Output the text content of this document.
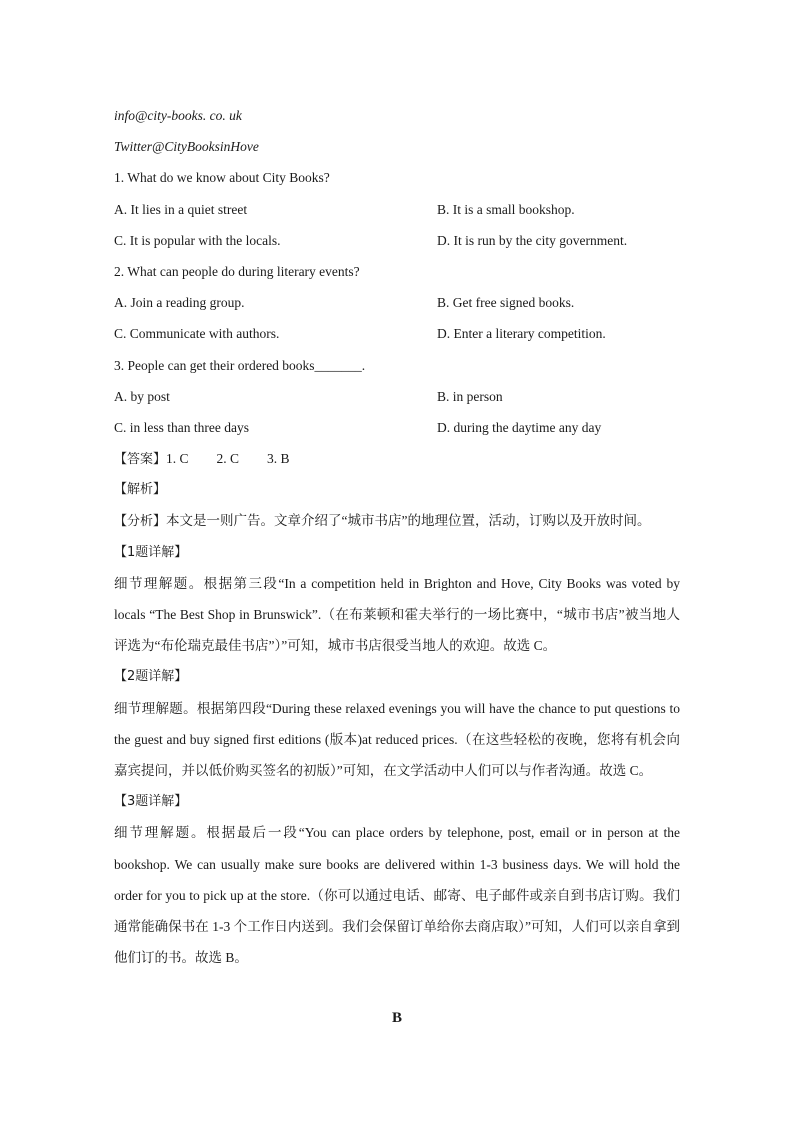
info@city-books. co. uk
Twitter@CityBooksinHove
1. What do we know about City Books?
A. It lies in a quiet street	B. It is a small bookshop.
C. It is popular with the locals.	D. It is run by the city government.
2. What can people do during literary events?
A. Join a reading group.	B. Get free signed books.
C. Communicate with authors.	D. Enter a literary competition.
3. People can get their ordered books_______.
A. by post	B. in person
C. in less than three days	D. during the daytime any day
【答案】1. C 2. C 3. B
【解析】
【分析】本文是一则广告。文章介绍了“城市书店”的地理位置，活动，订购以及开放时间。
【1题详解】
细节理解题。根据第三段“In a competition held in Brighton and Hove, City Books was voted by locals “The Best Shop in Brunswick”.（在布莱顿和霍夫举行的一场比赛中，“城市书店”被当地人评选为“布伦瑞克最佳书店”）”可知，城市书店很受当地人的欢迎。故选 C。
【2题详解】
细节理解题。根据第四段“During these relaxed evenings you will have the chance to put questions to the guest and buy signed first editions (版本)at reduced prices.（在这些轻松的夜晚，您将有机会向嘉宾提问，并以低价购买签名的初版）”可知，在文学活动中人们可以与作者沟通。故选 C。
【3题详解】
细节理解题。根据最后一段“You can place orders by telephone, post, email or in person at the bookshop. We can usually make sure books are delivered within 1-3 business days. We will hold the order for you to pick up at the store.（你可以通过电话、邮寄、电子邮件或亲自到书店订购。我们通常能确保书在 1-3 个工作日内送到。我们会保留订单给你去商店取）”可知，人们可以亲自拿到他们订的书。故选 B。
B
